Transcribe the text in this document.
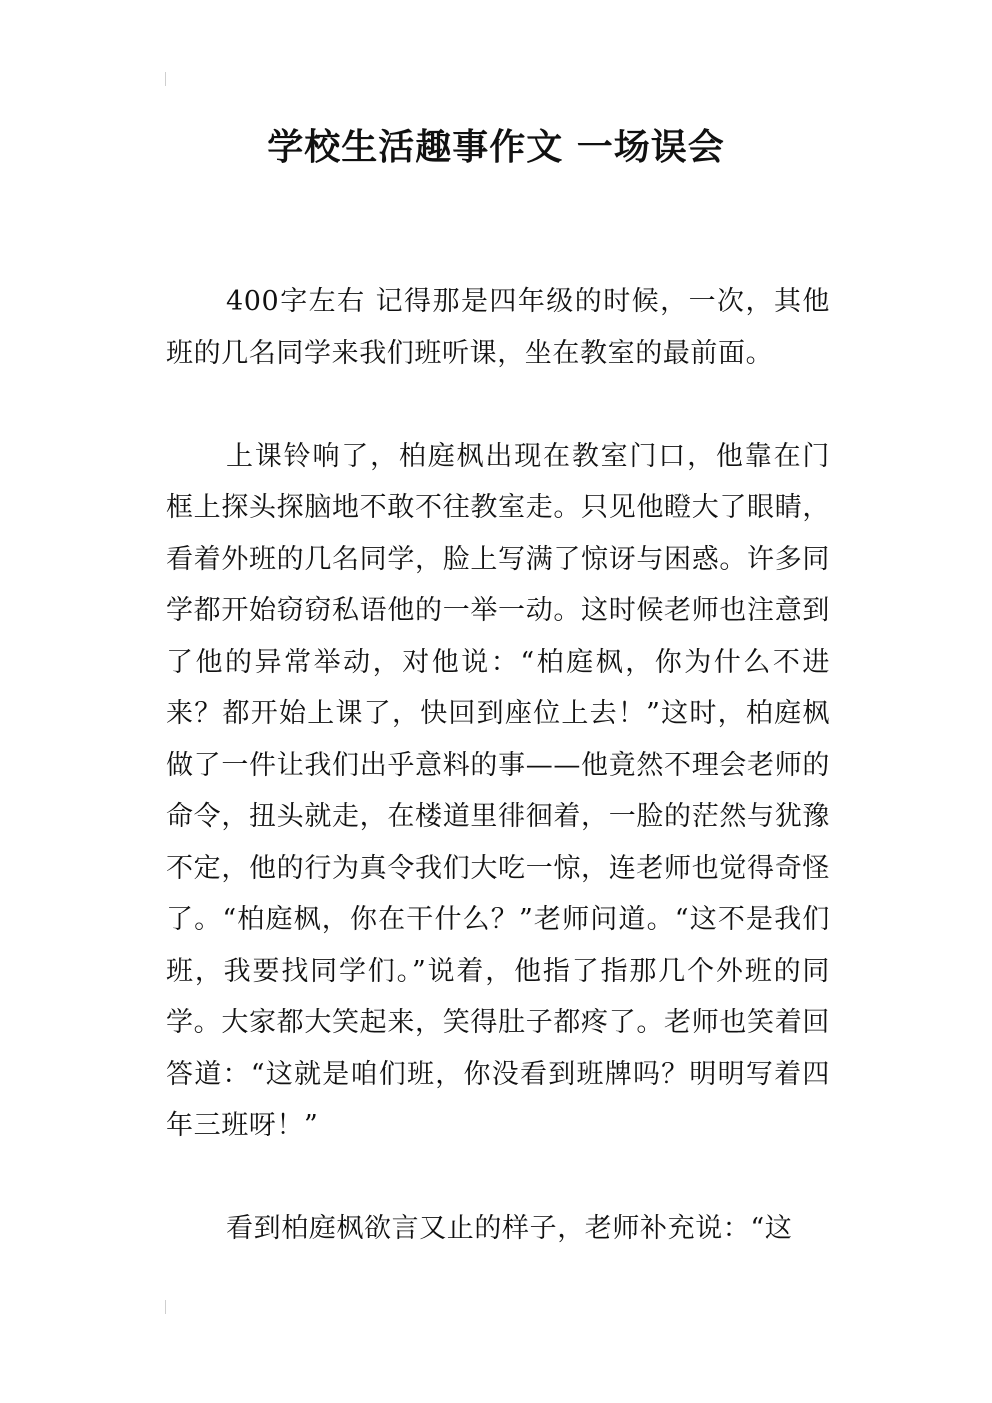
学校生活趣事作文 一场误会

400字左右 记得那是四年级的时候，一次，其他班的几名同学来我们班听课，坐在教室的最前面。

上课铃响了，柏庭枫出现在教室门口，他靠在门框上探头探脑地不敢不往教室走。只见他瞪大了眼睛，看着外班的几名同学，脸上写满了惊讶与困惑。许多同学都开始窃窃私语他的一举一动。这时候老师也注意到了他的异常举动，对他说：“柏庭枫，你为什么不进来？都开始上课了，快回到座位上去！”这时，柏庭枫做了一件让我们出乎意料的事——他竟然不理会老师的命令，扭头就走，在楼道里徘徊着，一脸的茫然与犹豫不定，他的行为真令我们大吃一惊，连老师也觉得奇怪了。“柏庭枫，你在干什么？”老师问道。“这不是我们班，我要找同学们。”说着，他指了指那几个外班的同学。大家都大笑起来，笑得肚子都疼了。老师也笑着回答道：“这就是咱们班，你没看到班牌吗？明明写着四年三班呀！”

看到柏庭枫欲言又止的样子，老师补充说：“这
